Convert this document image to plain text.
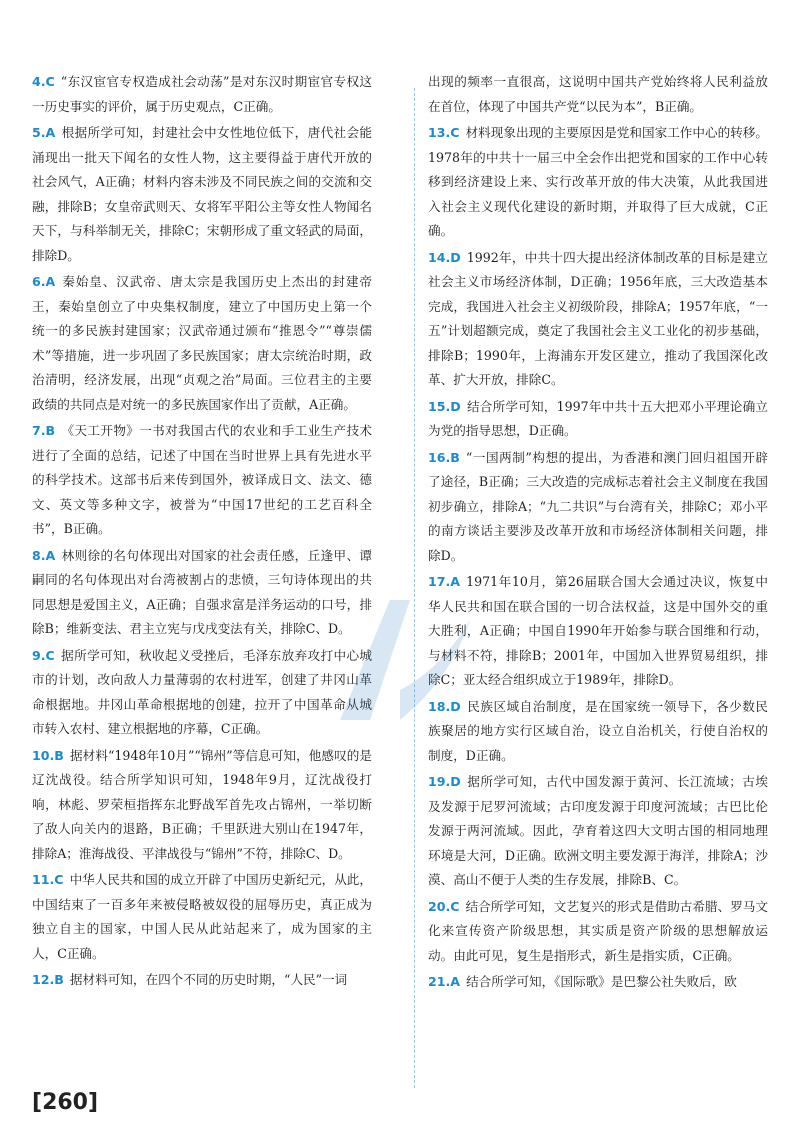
4.C “东汉宦官专权造成社会动荡”是对东汉时期宦官专权这一历史事实的评价，属于历史观点，C正确。

5.A 根据所学可知，封建社会中女性地位低下，唐代社会能涌现出一批天下闻名的女性人物，这主要得益于唐代开放的社会风气，A正确；材料内容未涉及不同民族之间的交流和交融，排除B；女皇帝武则天、女将军平阳公主等女性人物闻名天下，与科举制无关，排除C；宋朝形成了重文轻武的局面，排除D。

6.A 秦始皇、汉武帝、唐太宗是我国历史上杰出的封建帝王，秦始皇创立了中央集权制度，建立了中国历史上第一个统一的多民族封建国家；汉武帝通过颁布“推恩令”“尊崇儒术”等措施，进一步巩固了多民族国家；唐太宗统治时期，政治清明，经济发展，出现“贞观之治”局面。三位君主的主要政绩的共同点是对统一的多民族国家作出了贡献，A正确。

7.B 《天工开物》一书对我国古代的农业和手工业生产技术进行了全面的总结，记述了中国在当时世界上具有先进水平的科学技术。这部书后来传到国外，被译成日文、法文、德文、英文等多种文字，被誉为“中国17世纪的工艺百科全书”，B正确。

8.A 林则徐的名句体现出对国家的社会责任感，丘逢甲、谭嗣同的名句体现出对台湾被割占的悲愤，三句诗体现出的共同思想是爱国主义，A正确；自强求富是洋务运动的口号，排除B；维新变法、君主立宪与戊戌变法有关，排除C、D。

9.C 据所学可知，秋收起义受挫后，毛泽东放弃攻打中心城市的计划，改向敌人力量薄弱的农村进军，创建了井冈山革命根据地。井冈山革命根据地的创建，拉开了中国革命从城市转入农村、建立根据地的序幕，C正确。

10.B 据材料“1948年10月”“锦州”等信息可知，他感叹的是辽沈战役。结合所学知识可知，1948年9月，辽沈战役打响，林彪、罗荣桓指挥东北野战军首先攻占锦州，一举切断了敌人向关内的退路，B正确；千里跃进大别山在1947年，排除A；淮海战役、平津战役与“锦州”不符，排除C、D。

11.C 中华人民共和国的成立开辟了中国历史新纪元，从此，中国结束了一百多年来被侵略被奴役的屈辱历史，真正成为独立自主的国家，中国人民从此站起来了，成为国家的主人，C正确。

12.B 据材料可知，在四个不同的历史时期，“人民”一词

出现的频率一直很高，这说明中国共产党始终将人民利益放在首位，体现了中国共产党“以民为本”，B正确。

13.C 材料现象出现的主要原因是党和国家工作中心的转移。1978年的中共十一届三中全会作出把党和国家的工作中心转移到经济建设上来、实行改革开放的伟大决策，从此我国进入社会主义现代化建设的新时期，并取得了巨大成就，C正确。

14.D 1992年，中共十四大提出经济体制改革的目标是建立社会主义市场经济体制，D正确；1956年底，三大改造基本完成，我国进入社会主义初级阶段，排除A；1957年底，“一五”计划超额完成，奠定了我国社会主义工业化的初步基础，排除B；1990年，上海浦东开发区建立，推动了我国深化改革、扩大开放，排除C。

15.D 结合所学可知，1997年中共十五大把邓小平理论确立为党的指导思想，D正确。

16.B “一国两制”构想的提出，为香港和澳门回归祖国开辟了途径，B正确；三大改造的完成标志着社会主义制度在我国初步确立，排除A；“九二共识”与台湾有关，排除C；邓小平的南方谈话主要涉及改革开放和市场经济体制相关问题，排除D。

17.A 1971年10月，第26届联合国大会通过决议，恢复中华人民共和国在联合国的一切合法权益，这是中国外交的重大胜利，A正确；中国自1990年开始参与联合国维和行动，与材料不符，排除B；2001年，中国加入世界贸易组织，排除C；亚太经合组织成立于1989年，排除D。

18.D 民族区域自治制度，是在国家统一领导下，各少数民族聚居的地方实行区域自治，设立自治机关，行使自治权的制度，D正确。

19.D 据所学可知，古代中国发源于黄河、长江流域；古埃及发源于尼罗河流域；古印度发源于印度河流域；古巴比伦发源于两河流域。因此，孕育着这四大文明古国的相同地理环境是大河，D正确。欧洲文明主要发源于海洋，排除A；沙漠、高山不便于人类的生存发展，排除B、C。

20.C 结合所学可知，文艺复兴的形式是借助古希腊、罗马文化来宣传资产阶级思想，其实质是资产阶级的思想解放运动。由此可见，复生是指形式，新生是指实质，C正确。

21.A 结合所学可知，《国际歌》是巴黎公社失败后，欧

[260]
